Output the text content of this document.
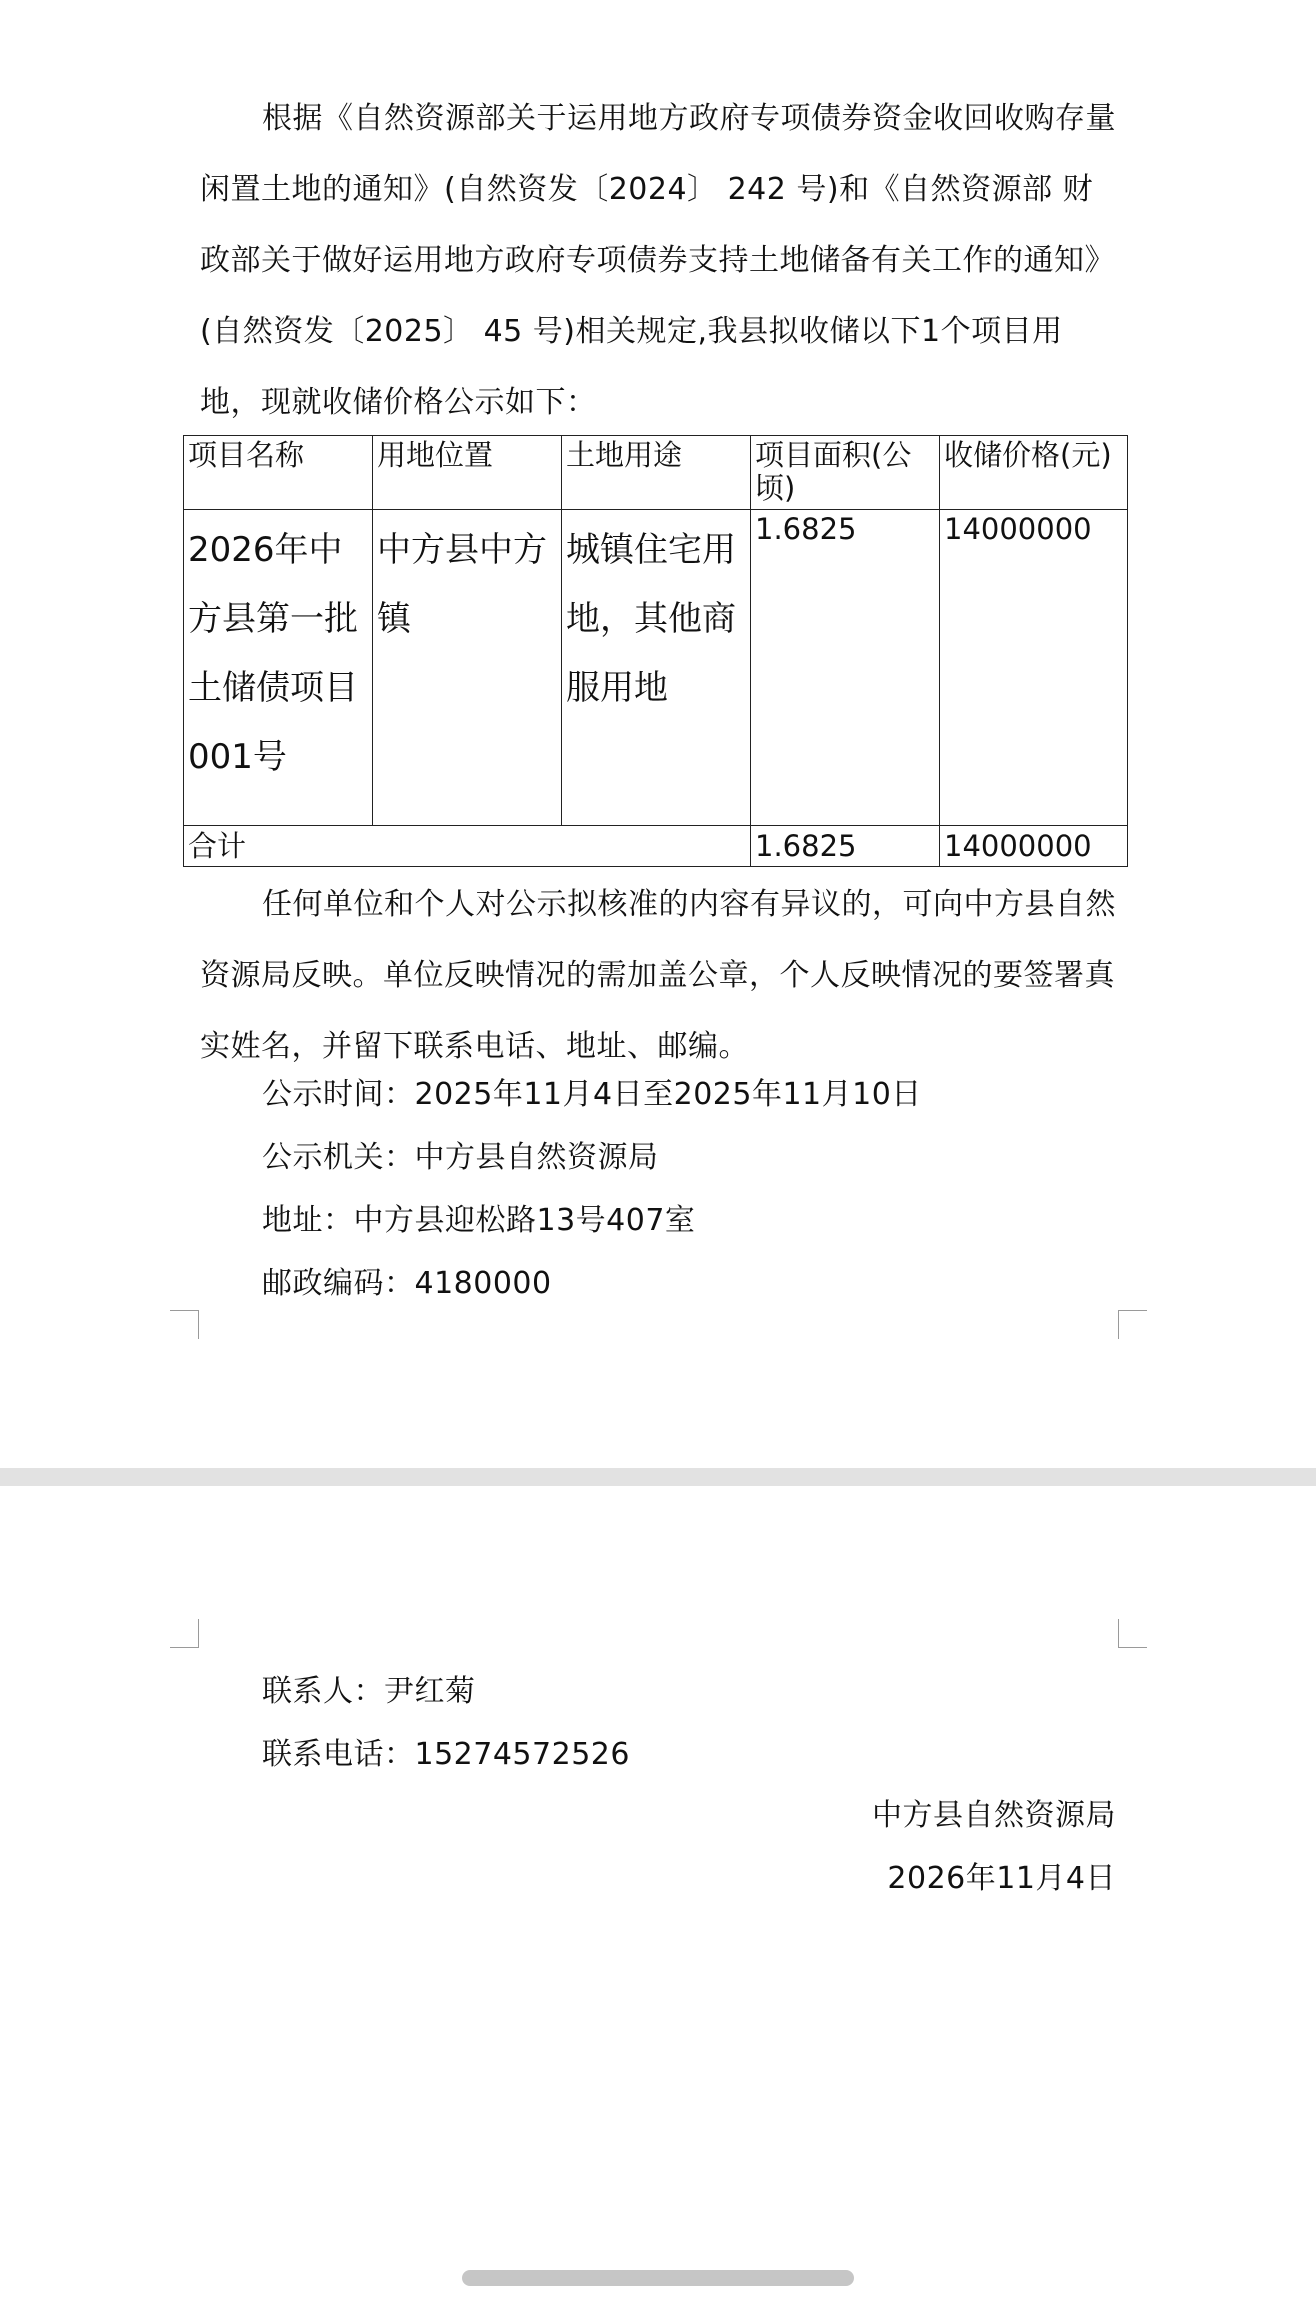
根据《自然资源部关于运用地方政府专项债券资金收回收购存量闲置土地的通知》(自然资发〔2024〕 242 号)和《自然资源部 财政部关于做好运用地方政府专项债券支持土地储备有关工作的通知》(自然资发〔2025〕 45 号)相关规定,我县拟收储以下1个项目用地，现就收储价格公示如下：
项目名称	用地位置	土地用途	项目面积(公顷)	收储价格(元)
2026年中方县第一批土储债项目001号	中方县中方镇	城镇住宅用地，其他商服用地	1.6825	14000000
合计			1.6825	14000000
任何单位和个人对公示拟核准的内容有异议的，可向中方县自然资源局反映。单位反映情况的需加盖公章，个人反映情况的要签署真实姓名，并留下联系电话、地址、邮编。
公示时间：2025年11月4日至2025年11月10日
公示机关：中方县自然资源局
地址：中方县迎松路13号407室
邮政编码：4180000
联系人：尹红菊
联系电话：15274572526
中方县自然资源局
2026年11月4日
